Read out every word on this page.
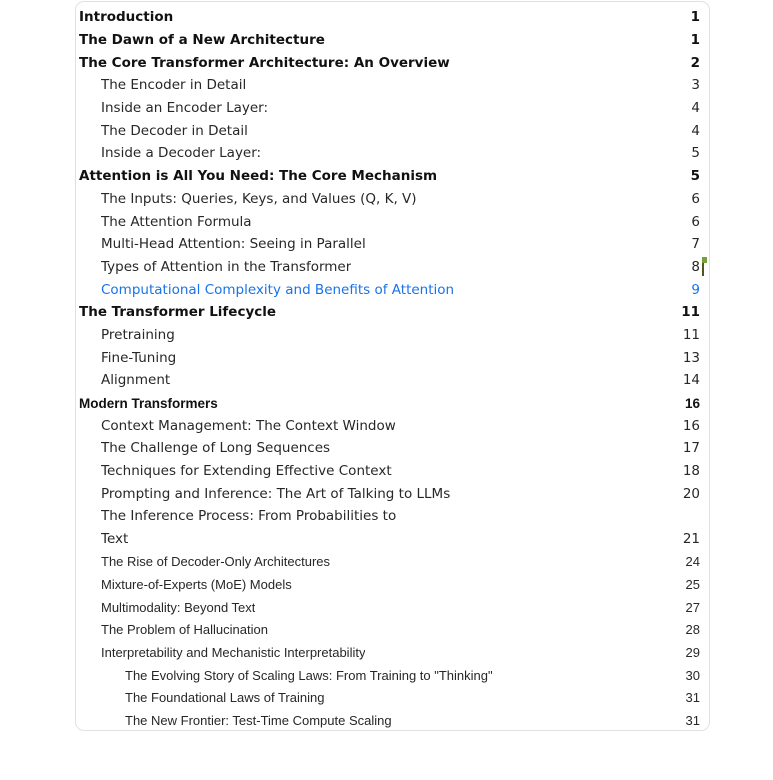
Introduction	1
The Dawn of a New Architecture	1
The Core Transformer Architecture: An Overview	2
The Encoder in Detail	3
Inside an Encoder Layer:	4
The Decoder in Detail	4
Inside a Decoder Layer:	5
Attention is All You Need: The Core Mechanism	5
The Inputs: Queries, Keys, and Values (Q, K, V)	6
The Attention Formula	6
Multi-Head Attention: Seeing in Parallel	7
Types of Attention in the Transformer	8
Computational Complexity and Benefits of Attention	9
The Transformer Lifecycle	11
Pretraining	11
Fine-Tuning	13
Alignment	14
Modern Transformers	16
Context Management: The Context Window	16
The Challenge of Long Sequences	17
Techniques for Extending Effective Context	18
Prompting and Inference: The Art of Talking to LLMs	20
The Inference Process: From Probabilities to
Text	21
The Rise of Decoder-Only Architectures	24
Mixture-of-Experts (MoE) Models	25
Multimodality: Beyond Text	27
The Problem of Hallucination	28
Interpretability and Mechanistic Interpretability	29
The Evolving Story of Scaling Laws: From Training to "Thinking"	30
The Foundational Laws of Training	31
The New Frontier: Test-Time Compute Scaling	31
